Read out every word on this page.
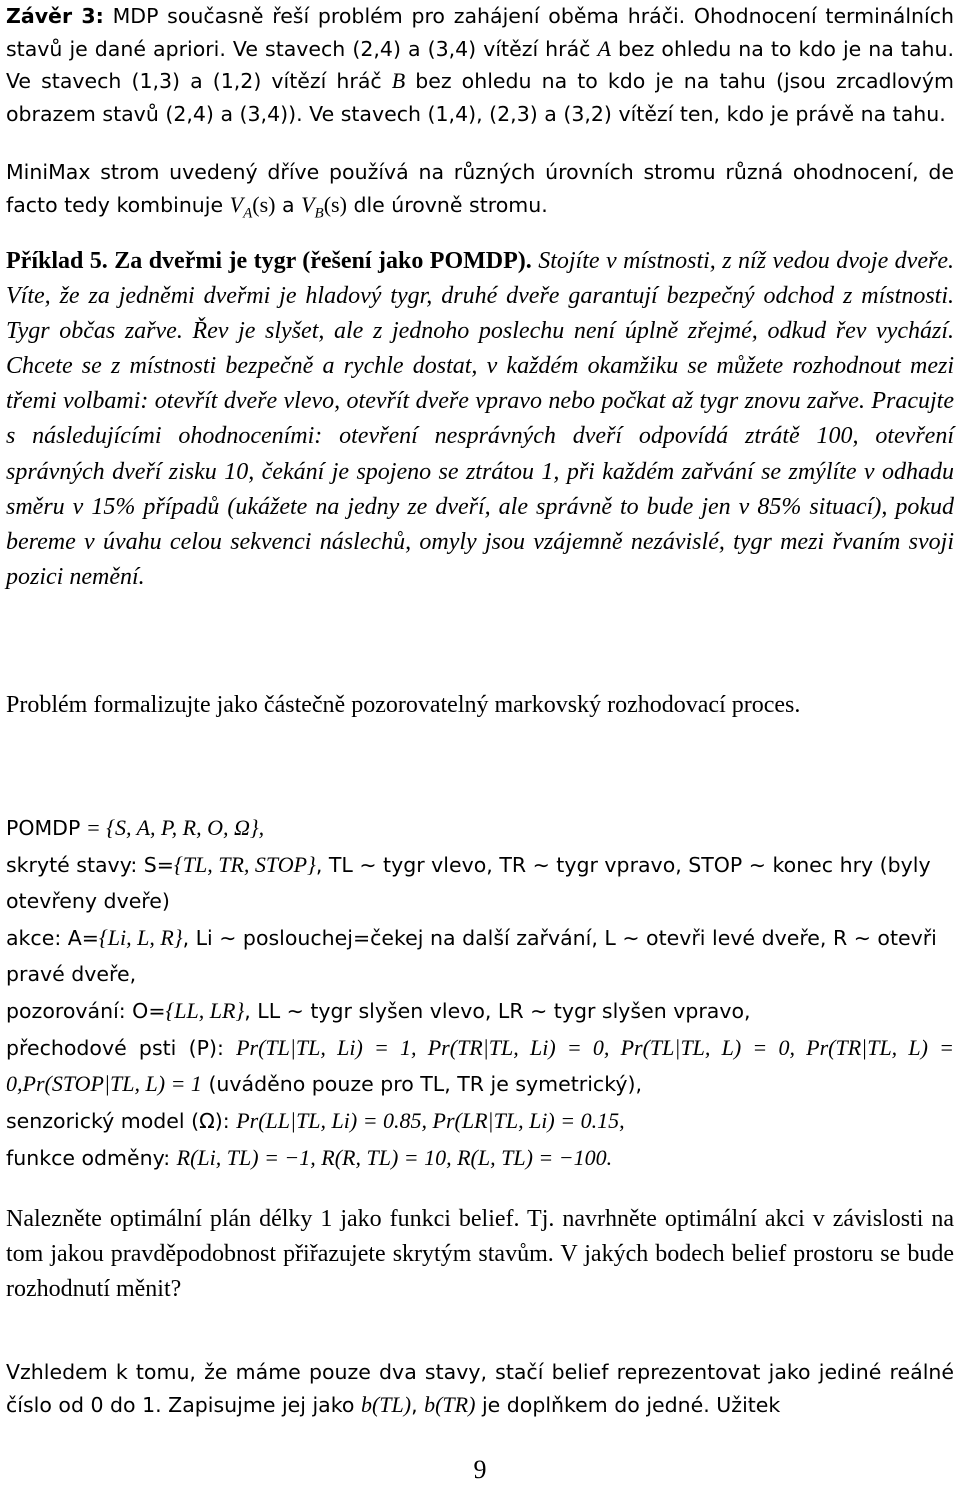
Závěr 3: MDP současně řeší problém pro zahájení oběma hráči. Ohodnocení terminálních stavů je dané apriori. Ve stavech (2,4) a (3,4) vítězí hráč A bez ohledu na to kdo je na tahu. Ve stavech (1,3) a (1,2) vítězí hráč B bez ohledu na to kdo je na tahu (jsou zrcadlovým obrazem stavů (2,4) a (3,4)). Ve stavech (1,4), (2,3) a (3,2) vítězí ten, kdo je právě na tahu.

MiniMax strom uvedený dříve používá na různých úrovních stromu různá ohodnocení, de facto tedy kombinuje $V_A(s)$ a $V_B(s)$ dle úrovně stromu.

Příklad 5. Za dveřmi je tygr (řešení jako POMDP). Stojíte v místnosti, z níž vedou dvoje dveře. Víte, že za jedněmi dveřmi je hladový tygr, druhé dveře garantují bezpečný odchod z místnosti. Tygr občas zařve. Řev je slyšet, ale z jednoho poslechu není úplně zřejmé, odkud řev vychází. Chcete se z místnosti bezpečně a rychle dostat, v každém okamžiku se můžete rozhodnout mezi třemi volbami: otevřít dveře vlevo, otevřít dveře vpravo nebo počkat až tygr znovu zařve. Pracujte s následujícími ohodnoceními: otevření nesprávných dveří odpovídá ztrátě 100, otevření správných dveří zisku 10, čekání je spojeno se ztrátou 1, při každém zařvání se zmýlíte v odhadu směru v 15% případů (ukážete na jedny ze dveří, ale správně to bude jen v 85% situací), pokud bereme v úvahu celou sekvenci náslechů, omyly jsou vzájemně nezávislé, tygr mezi řvaním svoji pozici nemění.

Problém formalizujte jako částečně pozorovatelný markovský rozhodovací proces.

POMDP = {S, A, P, R, O, Ω},

skryté stavy: S={TL, TR, STOP}, TL ∼ tygr vlevo, TR ∼ tygr vpravo, STOP ∼ konec hry (byly otevřeny dveře)

akce: A={Li, L, R}, Li ∼ poslouchej=čekej na další zařvání, L ∼ otevři levé dveře, R ∼ otevři pravé dveře,

pozorování: O={LL, LR}, LL ∼ tygr slyšen vlevo, LR ∼ tygr slyšen vpravo,

přechodové psti (P): Pr(TL|TL, Li) = 1, Pr(TR|TL, Li) = 0, Pr(TL|TL, L) = 0, Pr(TR|TL, L) = 0,Pr(STOP|TL, L) = 1 (uváděno pouze pro TL, TR je symetrický),

senzorický model (Ω): Pr(LL|TL, Li) = 0.85, Pr(LR|TL, Li) = 0.15,

funkce odměny: R(Li, TL) = −1, R(R, TL) = 10, R(L, TL) = −100.

Nalezněte optimální plán délky 1 jako funkci belief. Tj. navrhněte optimální akci v závislosti na tom jakou pravděpodobnost přiřazujete skrytým stavům. V jakých bodech belief prostoru se bude rozhodnutí měnit?

Vzhledem k tomu, že máme pouze dva stavy, stačí belief reprezentovat jako jediné reálné číslo od 0 do 1. Zapisujme jej jako b(TL), b(TR) je doplňkem do jedné. Užitek

9
